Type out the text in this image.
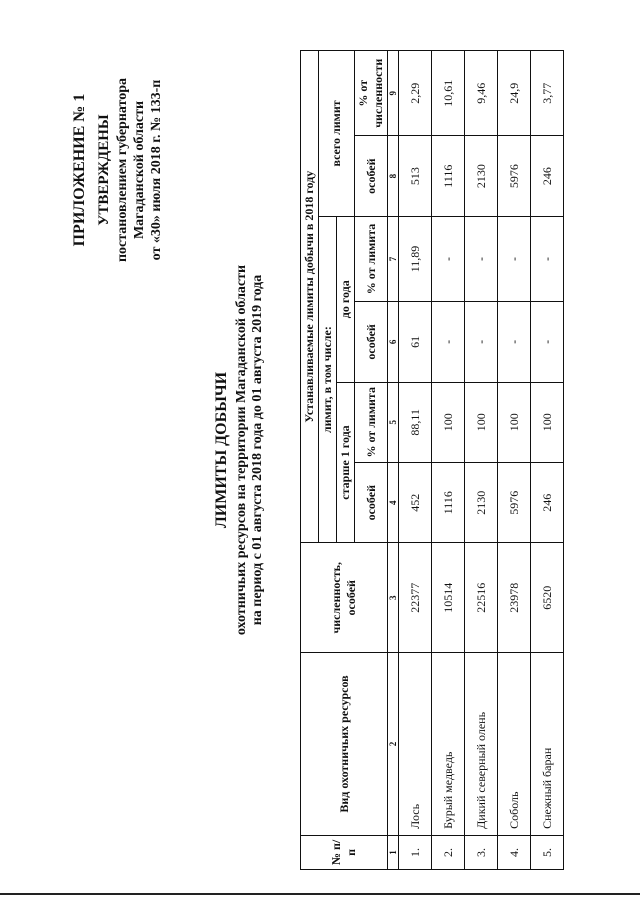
ПРИЛОЖЕНИЕ № 1 УТВЕРЖДЕНЫ постановлением губернатора Магаданской области от «30» июля 2018 г. № 133-п
ЛИМИТЫ ДОБЫЧИ охотничьих ресурсов на территории Магаданской области на период с 01 августа 2018 года до 01 августа 2019 года
№ п/п	Вид охотничьих ресурсов	численность, особей	Устанавливаемые лимиты добычи в 2018 году					
			лимит, в том числе:				всего лимит	
			старше 1 года		до года			
			особей	% от лимита	особей	% от лимита	особей	% от численности
1	2	3	4	5	6	7	8	9
1.	Лось	22377	452	88,11	61	11,89	513	2,29
2.	Бурый медведь	10514	1116	100	-	-	1116	10,61
3.	Дикий северный олень	22516	2130	100	-	-	2130	9,46
4.	Соболь	23978	5976	100	-	-	5976	24,9
5.	Снежный баран	6520	246	100	-	-	246	3,77
